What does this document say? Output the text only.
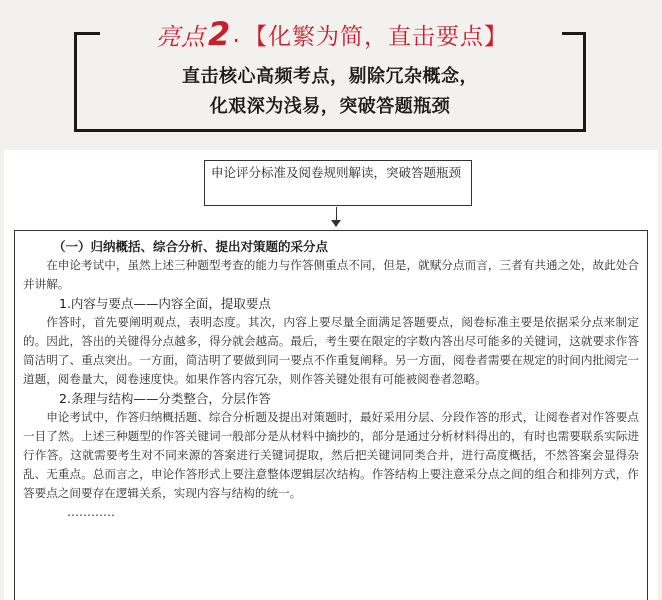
亮点 2 . 【化繁为简，直击要点】
直击核心高频考点，剔除冗杂概念，
化艰深为浅易，突破答题瓶颈
申论评分标准及阅卷规则解读，突破答题瓶颈
（一）归纳概括、综合分析、提出对策题的采分点

在申论考试中，虽然上述三种题型考查的能力与作答侧重点不同，但是，就赋分点而言，三者有共通之处，故此处合并讲解。

1.内容与要点——内容全面，提取要点

作答时，首先要阐明观点，表明态度。其次，内容上要尽量全面满足答题要点，阅卷标准主要是依据采分点来制定的。因此，答出的关键得分点越多，得分就会越高。最后，考生要在限定的字数内答出尽可能多的关键词，这就要求作答简洁明了、重点突出。一方面，简洁明了要做到同一要点不作重复阐释。另一方面，阅卷者需要在规定的时间内批阅完一道题，阅卷量大，阅卷速度快。如果作答内容冗杂，则作答关键处很有可能被阅卷者忽略。

2.条理与结构——分类整合，分层作答

申论考试中，作答归纳概括题、综合分析题及提出对策题时，最好采用分层、分段作答的形式，让阅卷者对作答要点一目了然。上述三种题型的作答关键词一般部分是从材料中摘抄的，部分是通过分析材料得出的，有时也需要联系实际进行作答。这就需要考生对不同来源的答案进行关键词提取，然后把关键词同类合并，进行高度概括，不然答案会显得杂乱、无重点。总而言之，申论作答形式上要注意整体逻辑层次结构。作答结构上要注意采分点之间的组合和排列方式，作答要点之间要存在逻辑关系，实现内容与结构的统一。

…………
